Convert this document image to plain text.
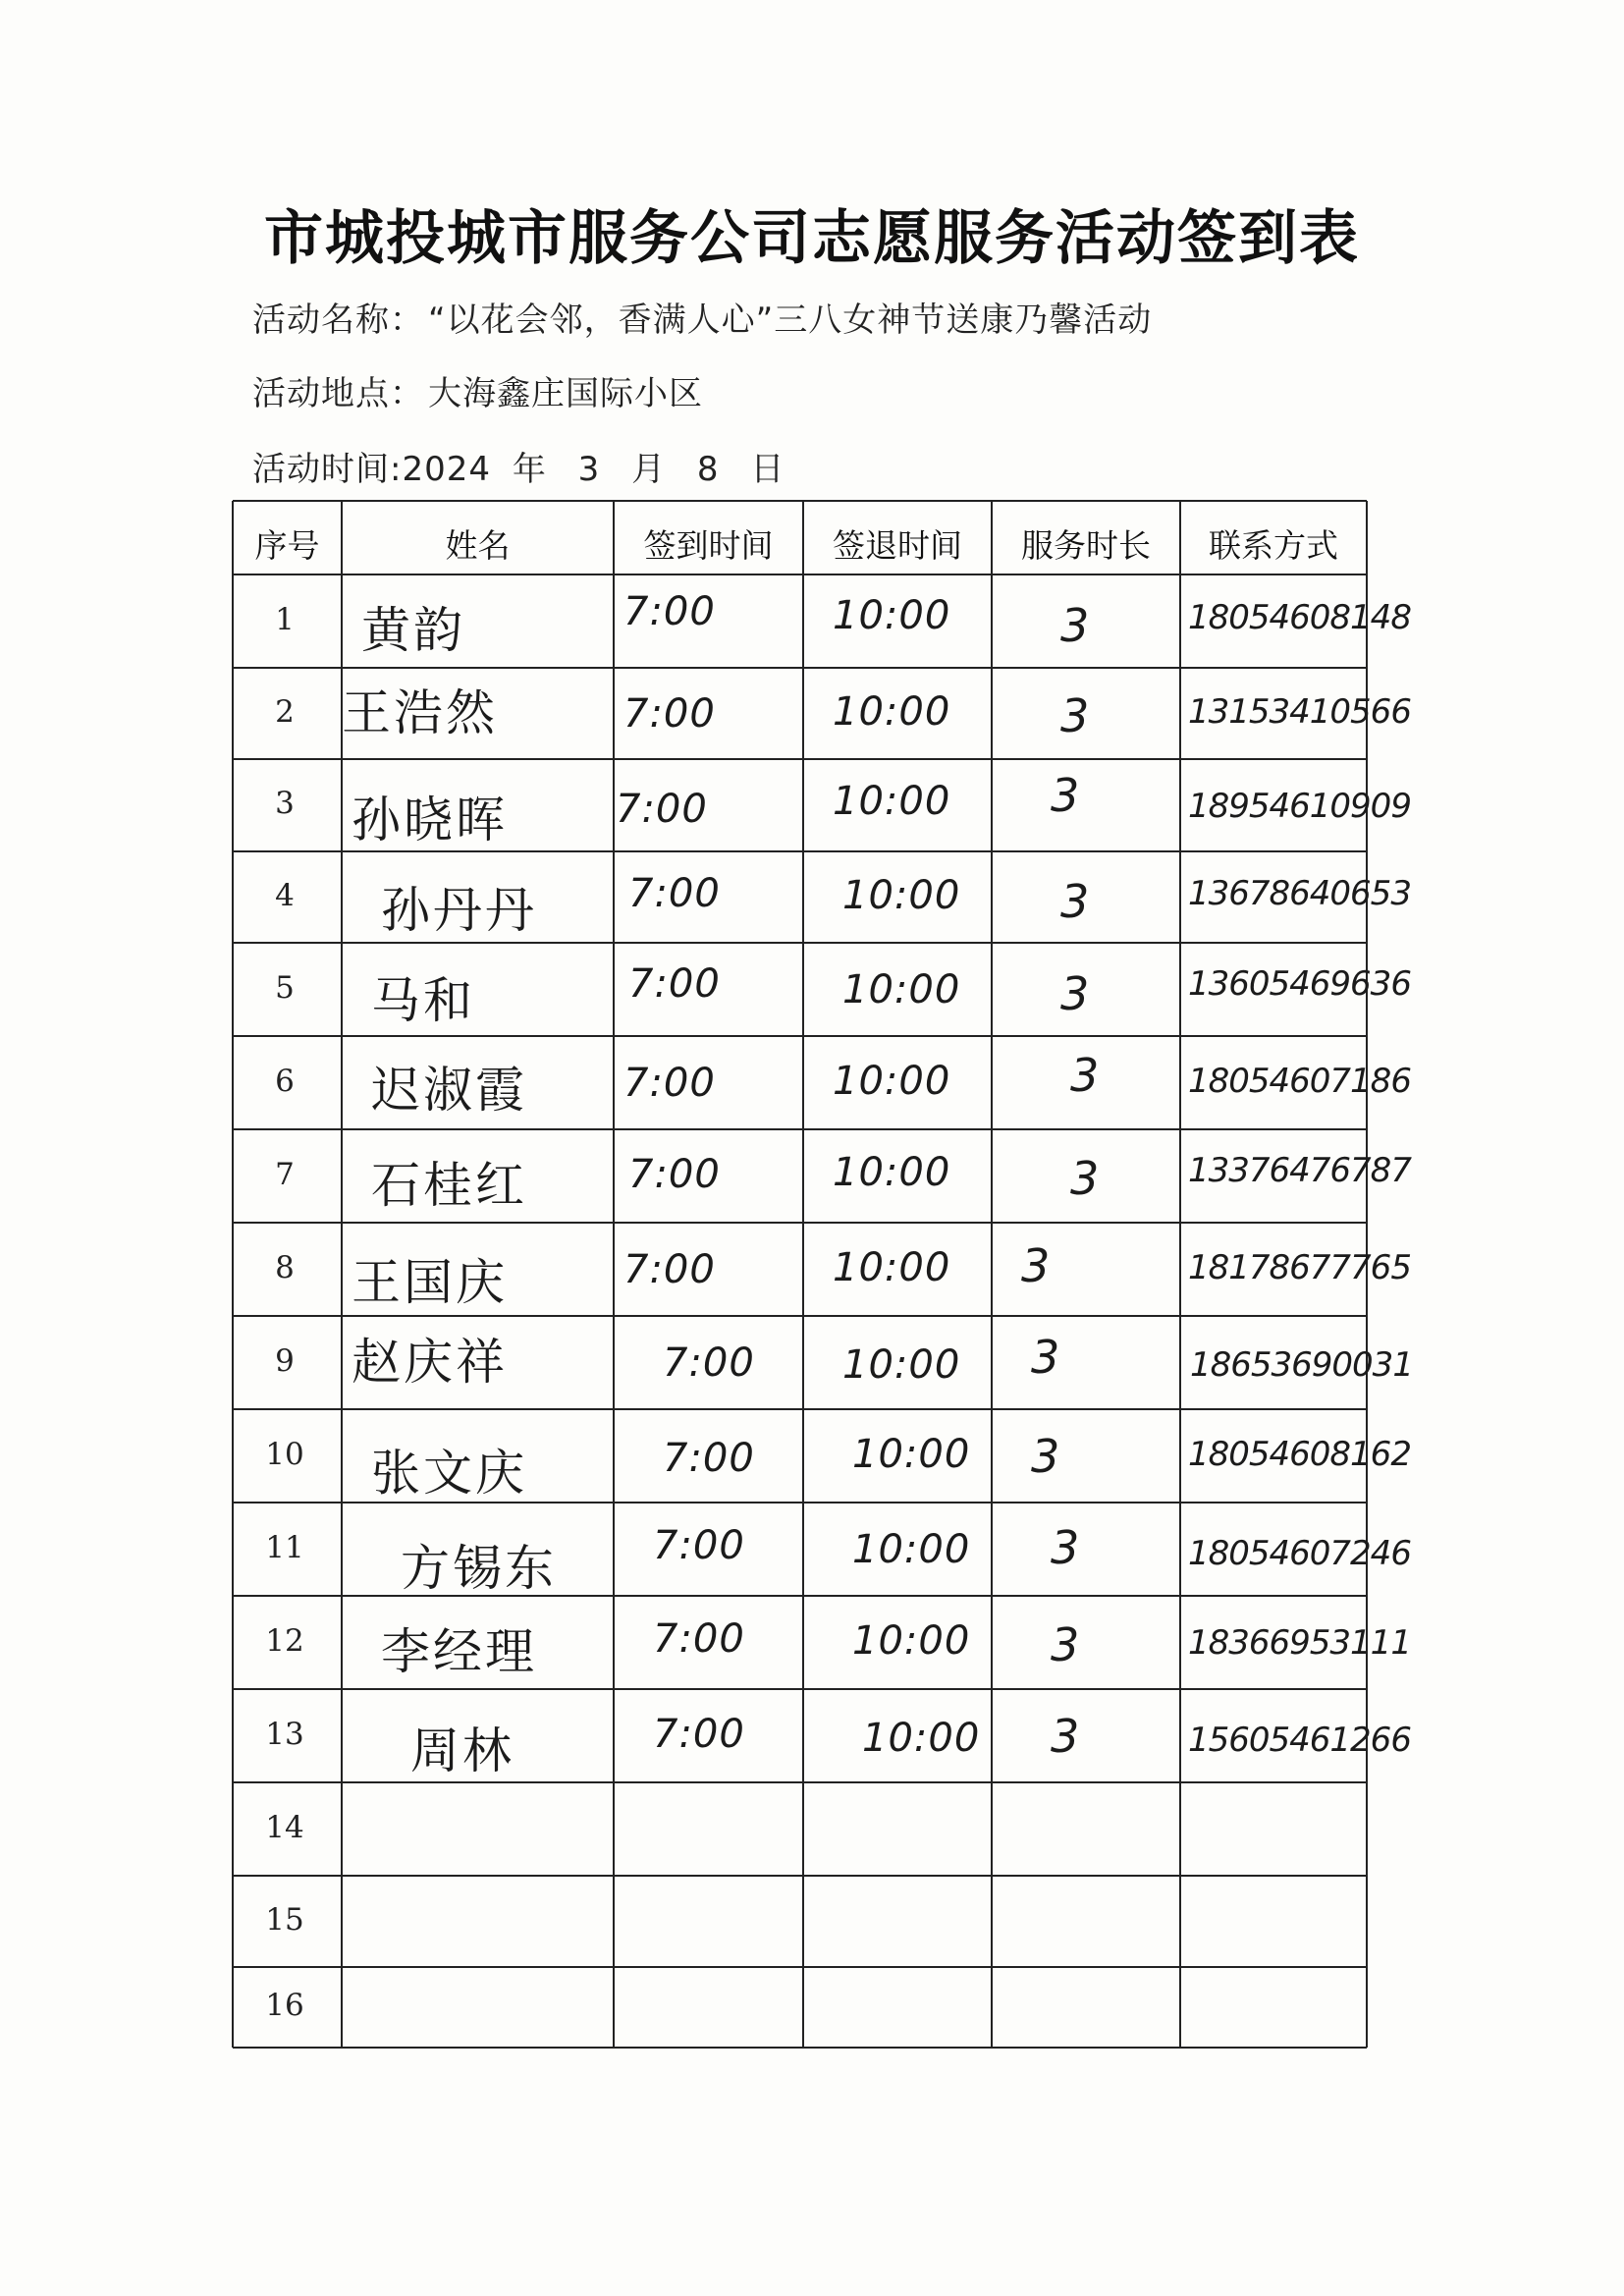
市城投城市服务公司志愿服务活动签到表
活动名称： “以花会邻，香满人心”三八女神节送康乃馨活动
活动地点： 大海鑫庄国际小区
活动时间:2024 年 3 月 8 日
序号	姓名	签到时间	签退时间	服务时长	联系方式
1	黄韵	7:00	10:00 3	18054608148
2 王浩然	7:00	10:00 3	13153410566
3	孙晓晖	7:00	10:00 3	18954610909
4	孙丹丹 7:00	10:00 3	13678640653
5	马和	7:00	10:00 3	13605469636
6	迟淑霞 7:00	10:00	3	18054607186
7	石桂红	7:00	10:00	3	13376476787
8	王国庆	7:00	10:00 3	18178677765
9	赵庆祥	7:00 10:00 3	18653690031
10	张文庆	7:00 10:00 3	18054608162
11	方锡东 7:00	10:00 3	18054607246
12	李经理	7:00	10:00 3	18366953111
13	周林	7:00	10:00 3	15605461266
14
15
16
